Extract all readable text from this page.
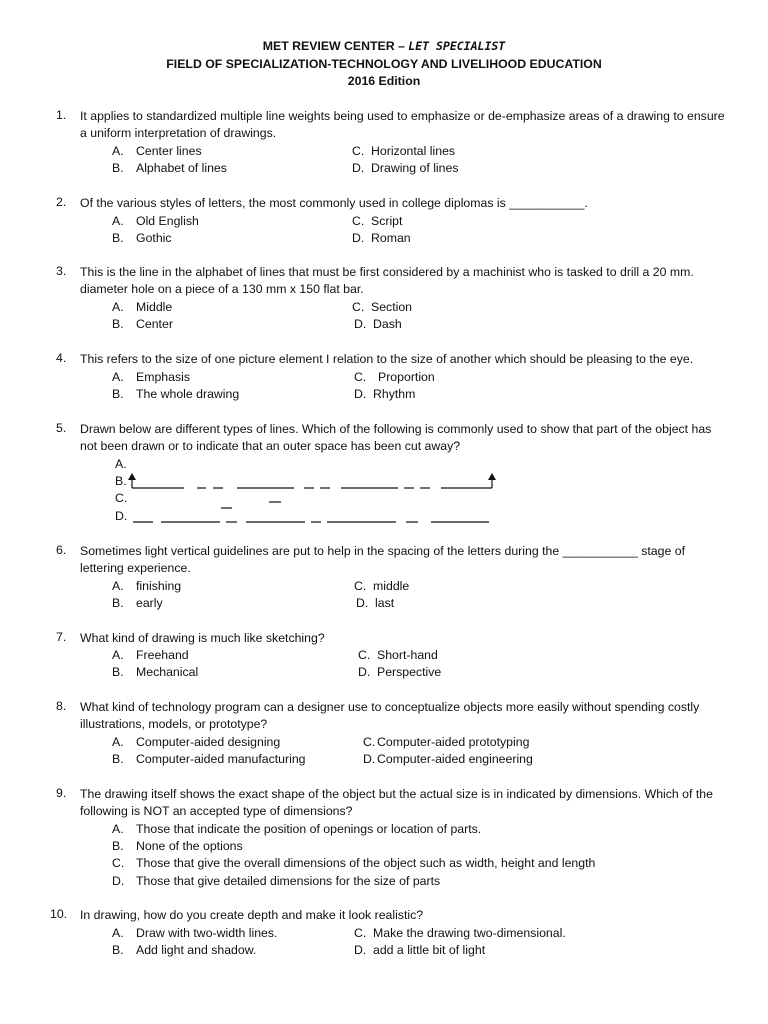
MET REVIEW CENTER – LET SPECIALIST
FIELD OF SPECIALIZATION-TECHNOLOGY AND LIVELIHOOD EDUCATION
2016 Edition
1. It applies to standardized multiple line weights being used to emphasize or de-emphasize areas of a drawing to ensure a uniform interpretation of drawings.
A. Center lines
B. Alphabet of lines
C. Horizontal lines
D. Drawing of lines
2. Of the various styles of letters, the most commonly used in college diplomas is ___________.
A. Old English
B. Gothic
C. Script
D. Roman
3. This is the line in the alphabet of lines that must be first considered by a machinist who is tasked to drill a 20 mm. diameter hole on a piece of a 130 mm x 150 flat bar.
A. Middle
B. Center
C. Section
D. Dash
4. This refers to the size of one picture element I relation to the size of another which should be pleasing to the eye.
A. Emphasis
B. The whole drawing
C. Proportion
D. Rhythm
5. Drawn below are different types of lines. Which of the following is commonly used to show that part of the object has not been drawn or to indicate that an outer space has been cut away?
A.
B.
C.
D.
6. Sometimes light vertical guidelines are put to help in the spacing of the letters during the ___________ stage of lettering experience.
A. finishing
B. early
C. middle
D. last
7. What kind of drawing is much like sketching?
A. Freehand
B. Mechanical
C. Short-hand
D. Perspective
8. What kind of technology program can a designer use to conceptualize objects more easily without spending costly illustrations, models, or prototype?
A. Computer-aided designing
B. Computer-aided manufacturing
C. Computer-aided prototyping
D. Computer-aided engineering
9. The drawing itself shows the exact shape of the object but the actual size is in indicated by dimensions. Which of the following is NOT an accepted type of dimensions?
A. Those that indicate the position of openings or location of parts.
B. None of the options
C. Those that give the overall dimensions of the object such as width, height and length
D. Those that give detailed dimensions for the size of parts
10. In drawing, how do you create depth and make it look realistic?
A. Draw with two-width lines.
B. Add light and shadow.
C. Make the drawing two-dimensional.
D. add a little bit of light
